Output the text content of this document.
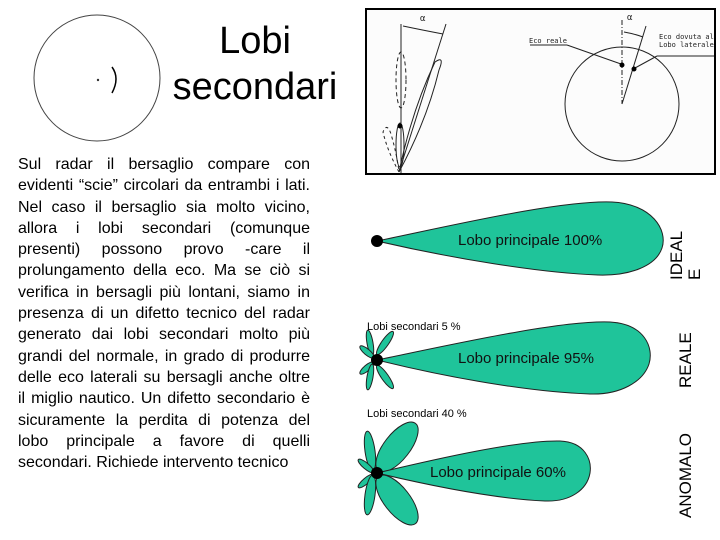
Lobi secondari
Sul radar il bersaglio compare con evidenti “scie” circolari da entrambi i lati. Nel caso il bersaglio sia molto vicino, allora i lobi secondari (comunque presenti) possono provo -care il prolungamento della eco. Ma se ciò si verifica in bersagli più lontani, siamo in presenza di un difetto tecnico del radar generato dai lobi secondari molto più grandi del normale, in grado di produrre delle eco laterali su bersagli anche oltre il miglio nautico. Un difetto secondario è sicuramente la perdita di potenza del lobo principale a favore di quelli secondari. Richiede intervento tecnico
α	α
Eco reale	Eco dovuta al Lobo laterale
Lobo principale 100%
Lobo principale 95%
Lobo principale 60%
Lobi secondari 5 %
Lobi secondari 40 %
IDEALE
REALE
ANOMALO
